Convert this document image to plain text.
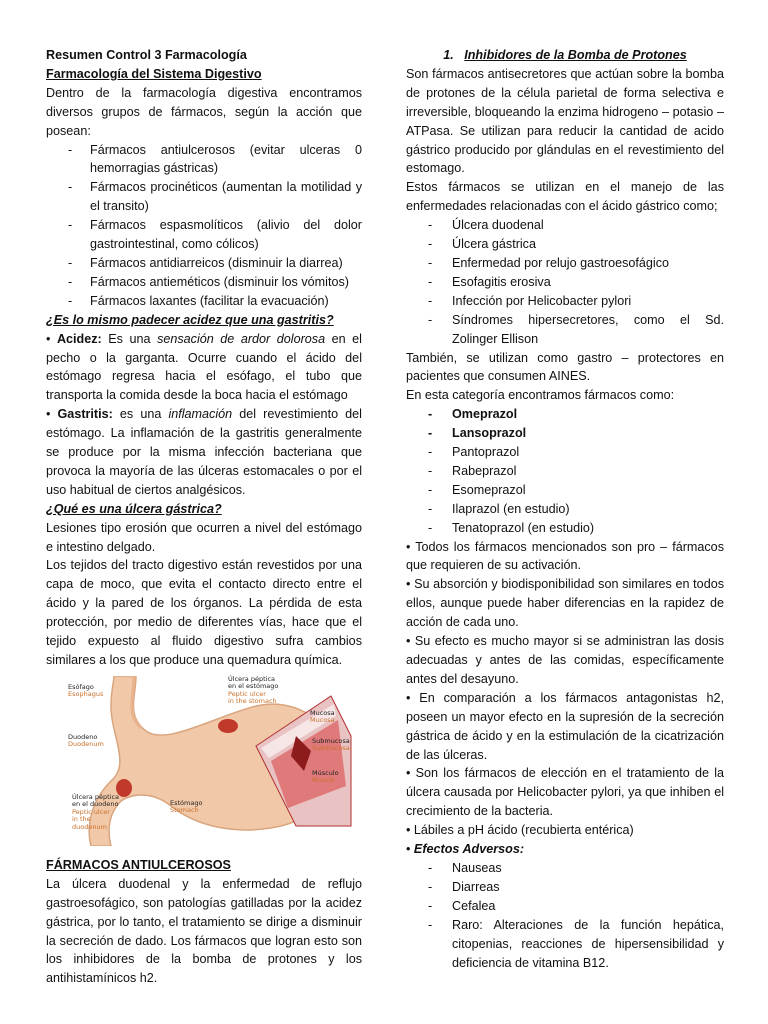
Resumen Control 3 Farmacología

Farmacología del Sistema Digestivo

Dentro de la farmacología digestiva encontramos diversos grupos de fármacos, según la acción que posean:

- Fármacos antiulcerosos (evitar ulceras 0 hemorragias gástricas)
- Fármacos procinéticos (aumentan la motilidad y el transito)
- Fármacos espasmolíticos (alivio del dolor gastrointestinal, como cólicos)
- Fármacos antidiarreicos (disminuir la diarrea)
- Fármacos antieméticos (disminuir los vómitos)
- Fármacos laxantes (facilitar la evacuación)

¿Es lo mismo padecer acidez que una gastritis?

• Acidez: Es una sensación de ardor dolorosa en el pecho o la garganta. Ocurre cuando el ácido del estómago regresa hacia el esófago, el tubo que transporta la comida desde la boca hacia el estómago

• Gastritis: es una inflamación del revestimiento del estómago. La inflamación de la gastritis generalmente se produce por la misma infección bacteriana que provoca la mayoría de las úlceras estomacales o por el uso habitual de ciertos analgésicos.

¿Qué es una úlcera gástrica?

Lesiones tipo erosión que ocurren a nivel del estómago e intestino delgado.

Los tejidos del tracto digestivo están revestidos por una capa de moco, que evita el contacto directo entre el ácido y la pared de los órganos. La pérdida de esta protección, por medio de diferentes vías, hace que el tejido expuesto al fluido digestivo sufra cambios similares a los que produce una quemadura química.

Esófago
Esophagus
Úlcera péptica
en el estómago
Peptic ulcer
in the stomach
Mucosa
Mucosa
Submucosa
Submucosa
Músculo
Muscle
Duodeno
Duodenum
Úlcera péptica
en el duodeno
Peptic ulcer
in the
duodenum
Estómago
Stomach

FÁRMACOS ANTIULCEROSOS

La úlcera duodenal y la enfermedad de reflujo gastroesofágico, son patologías gatilladas por la acidez gástrica, por lo tanto, el tratamiento se dirige a disminuir la secreción de dado. Los fármacos que logran esto son los inhibidores de la bomba de protones y los antihistamínicos h2.

1. Inhibidores de la Bomba de Protones

Son fármacos antisecretores que actúan sobre la bomba de protones de la célula parietal de forma selectiva e irreversible, bloqueando la enzima hidrogeno – potasio – ATPasa. Se utilizan para reducir la cantidad de acido gástrico producido por glándulas en el revestimiento del estomago.

Estos fármacos se utilizan en el manejo de las enfermedades relacionadas con el ácido gástrico como;

- Úlcera duodenal
- Úlcera gástrica
- Enfermedad por relujo gastroesofágico
- Esofagitis erosiva
- Infección por Helicobacter pylori
- Síndromes hipersecretores, como el Sd. Zolinger Ellison

También, se utilizan como gastro – protectores en pacientes que consumen AINES.

En esta categoría encontramos fármacos como:

- Omeprazol
- Lansoprazol
- Pantoprazol
- Rabeprazol
- Esomeprazol
- Ilaprazol (en estudio)
- Tenatoprazol (en estudio)

• Todos los fármacos mencionados son pro – fármacos que requieren de su activación.

• Su absorción y biodisponibilidad son similares en todos ellos, aunque puede haber diferencias en la rapidez de acción de cada uno.

• Su efecto es mucho mayor si se administran las dosis adecuadas y antes de las comidas, específicamente antes del desayuno.

• En comparación a los fármacos antagonistas h2, poseen un mayor efecto en la supresión de la secreción gástrica de ácido y en la estimulación de la cicatrización de las úlceras.

• Son los fármacos de elección en el tratamiento de la úlcera causada por Helicobacter pylori, ya que inhiben el crecimiento de la bacteria.

• Lábiles a pH ácido (recubierta entérica)

• Efectos Adversos:

- Nauseas
- Diarreas
- Cefalea
- Raro: Alteraciones de la función hepática, citopenias, reacciones de hipersensibilidad y deficiencia de vitamina B12.
